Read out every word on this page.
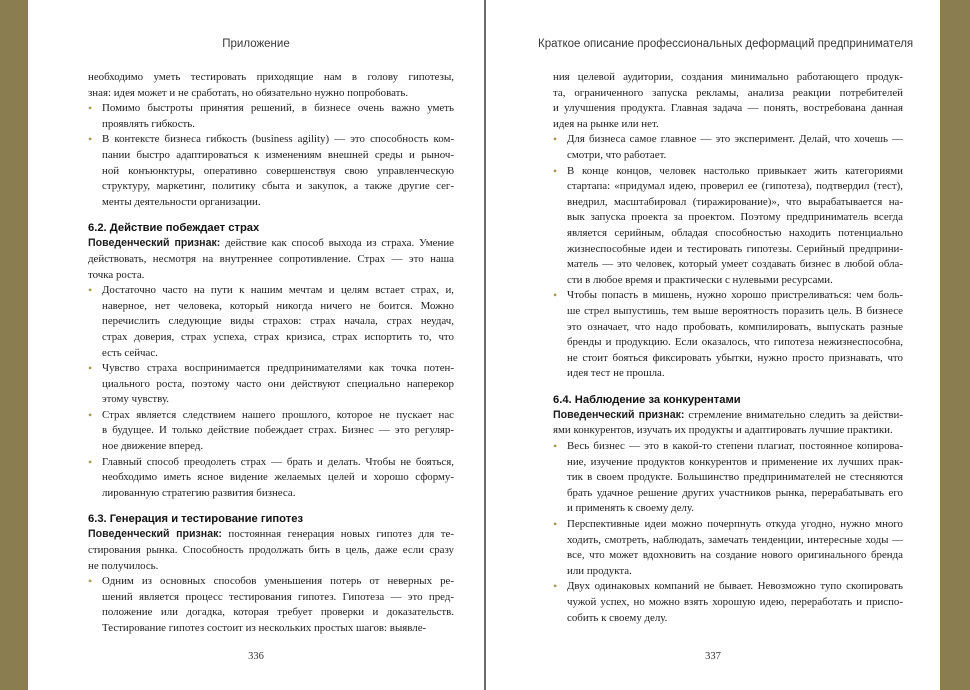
Приложение
необходимо уметь тестировать приходящие нам в голову гипотезы,
зная: идея может и не сработать, но обязательно нужно попробовать.
• Помимо быстроты принятия решений, в бизнесе очень важно уметь
проявлять гибкость.
• В контексте бизнеса гибкость (business agility) — это способность ком-
пании быстро адаптироваться к изменениям внешней среды и рыноч-
ной конъюнктуры, оперативно совершенствуя свою управленческую
структуру, маркетинг, политику сбыта и закупок, а также другие сег-
менты деятельности организации.
6.2. Действие побеждает страх
Поведенческий признак: действие как способ выхода из страха. Умение
действовать, несмотря на внутреннее сопротивление. Страх — это наша
точка роста.
• Достаточно часто на пути к нашим мечтам и целям встает страх, и,
наверное, нет человека, который никогда ничего не боится. Можно
перечислить следующие виды страхов: страх начала, страх неудач,
страх доверия, страх успеха, страх кризиса, страх испортить то, что
есть сейчас.
• Чувство страха воспринимается предпринимателями как точка потен-
циального роста, поэтому часто они действуют специально наперекор
этому чувству.
• Страх является следствием нашего прошлого, которое не пускает нас
в будущее. И только действие побеждает страх. Бизнес — это регуляр-
ное движение вперед.
• Главный способ преодолеть страх — брать и делать. Чтобы не бояться,
необходимо иметь ясное видение желаемых целей и хорошо сформу-
лированную стратегию развития бизнеса.
6.3. Генерация и тестирование гипотез
Поведенческий признак: постоянная генерация новых гипотез для те-
стирования рынка. Способность продолжать бить в цель, даже если сразу
не получилось.
• Одним из основных способов уменьшения потерь от неверных ре-
шений является процесс тестирования гипотез. Гипотеза — это пред-
положение или догадка, которая требует проверки и доказательств.
Тестирование гипотез состоит из нескольких простых шагов: выявле-
336
Краткое описание профессиональных деформаций предпринимателя
ния целевой аудитории, создания минимально работающего продук-
та, ограниченного запуска рекламы, анализа реакции потребителей
и улучшения продукта. Главная задача — понять, востребована данная
идея на рынке или нет.
• Для бизнеса самое главное — это эксперимент. Делай, что хочешь —
смотри, что работает.
• В конце концов, человек настолько привыкает жить категориями
стартапа: «придумал идею, проверил ее (гипотеза), подтвердил (тест),
внедрил, масштабировал (тиражирование)», что вырабатывается на-
вык запуска проекта за проектом. Поэтому предприниматель всегда
является серийным, обладая способностью находить потенциально
жизнеспособные идеи и тестировать гипотезы. Серийный предприни-
матель — это человек, который умеет создавать бизнес в любой обла-
сти в любое время и практически с нулевыми ресурсами.
• Чтобы попасть в мишень, нужно хорошо пристреливаться: чем боль-
ше стрел выпустишь, тем выше вероятность поразить цель. В бизнесе
это означает, что надо пробовать, компилировать, выпускать разные
бренды и продукцию. Если оказалось, что гипотеза нежизнеспособна,
не стоит бояться фиксировать убытки, нужно просто признавать, что
идея тест не прошла.
6.4. Наблюдение за конкурентами
Поведенческий признак: стремление внимательно следить за действи-
ями конкурентов, изучать их продукты и адаптировать лучшие практики.
• Весь бизнес — это в какой-то степени плагиат, постоянное копирова-
ние, изучение продуктов конкурентов и применение их лучших прак-
тик в своем продукте. Большинство предпринимателей не стесняются
брать удачное решение других участников рынка, перерабатывать его
и применять к своему делу.
• Перспективные идеи можно почерпнуть откуда угодно, нужно много
ходить, смотреть, наблюдать, замечать тенденции, интересные ходы —
все, что может вдохновить на создание нового оригинального бренда
или продукта.
• Двух одинаковых компаний не бывает. Невозможно тупо скопировать
чужой успех, но можно взять хорошую идею, переработать и приспо-
собить к своему делу.
337
